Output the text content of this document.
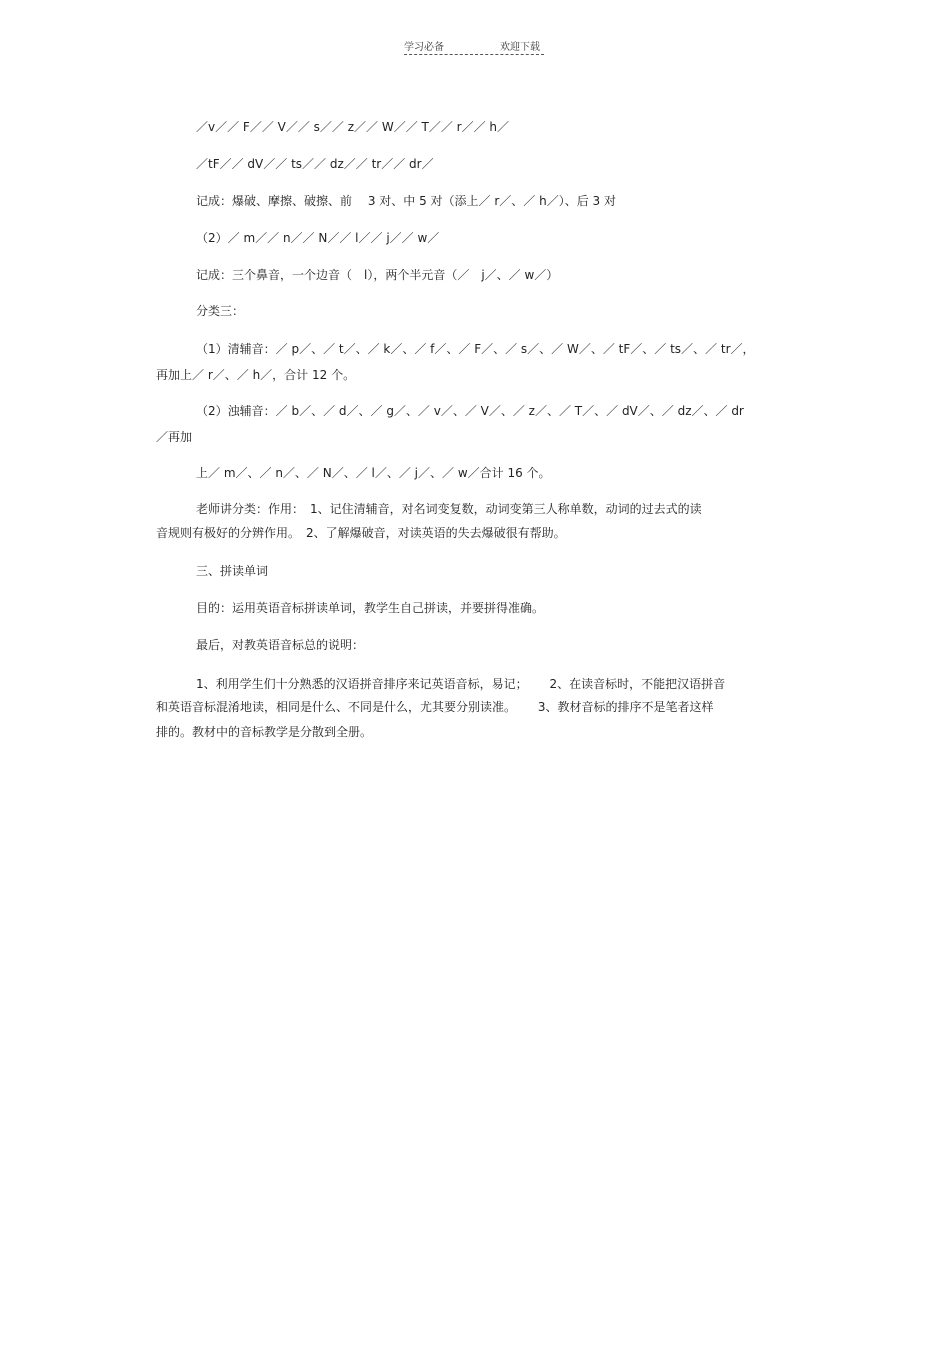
学习必备	欢迎下载
／v／／ F／／ V／／ s／／ z／／ W／／ T／／ r／／ h／
／tF／／ dV／／ ts／／ dz／／ tr／／ dr／
记成：爆破、摩擦、破擦、前　 3 对、中 5 对（添上／ r／、／ h／）、后 3 对
（2）／ m／／ n／／ N／／ l／／ j／／ w／
记成：三个鼻音，一个边音（　l），两个半元音（／　j／、／ w／）
分类三：
（1）清辅音：／ p／、／ t／、／ k／、／ f／、／ F／、／ s／、／ W／、／ tF／、／ ts／、／ tr／，
再加上／ r／、／ h／，合计 12 个。
（2）浊辅音：／ b／、／ d／、／ g／、／ v／、／ V／、／ z／、／ T／、／ dV／、／ dz／、／ dr
／再加
上／ m／、／ n／、／ N／、／ l／、／ j／、／ w／合计 16 个。
老师讲分类：作用：　1、记住清辅音，对名词变复数，动词变第三人称单数，动词的过去式的读
音规则有极好的分辨作用。　2、了解爆破音，对读英语的失去爆破很有帮助。
三、拼读单词
目的：运用英语音标拼读单词，教学生自己拼读，并要拼得准确。
最后，对教英语音标总的说明：
1、利用学生们十分熟悉的汉语拼音排序来记英语音标，易记；　　 2、在读音标时，不能把汉语拼音
和英语音标混淆地读，相同是什么、不同是什么，尤其要分别读准。　　 3、教材音标的排序不是笔者这样
排的。教材中的音标教学是分散到全册。
